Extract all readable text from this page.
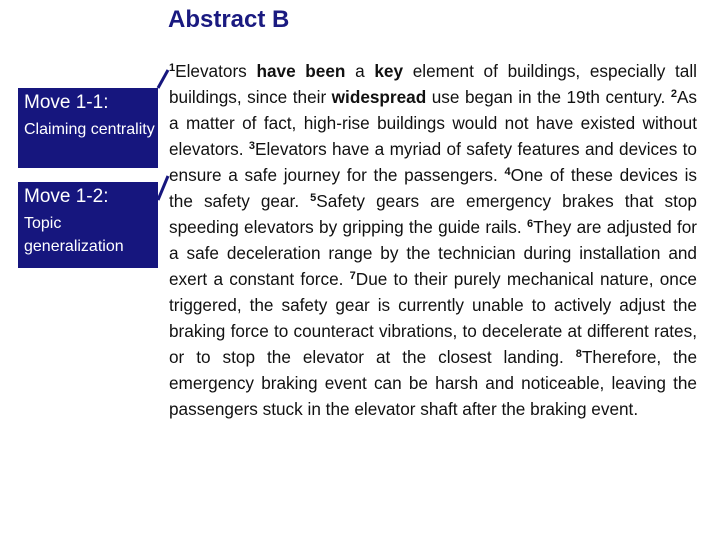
Abstract B
Move 1-1:
Claiming centrality
Move 1-2:
Topic generalization
$^1$Elevators have been a key element of buildings, especially tall buildings, since their widespread use began in the 19th century. $^2$As a matter of fact, high-rise buildings would not have existed without elevators. $^3$Elevators have a myriad of safety features and devices to ensure a safe journey for the passengers. $^4$One of these devices is the safety gear. $^5$Safety gears are emergency brakes that stop speeding elevators by gripping the guide rails. $^6$They are adjusted for a safe deceleration range by the technician during installation and exert a constant force. $^7$Due to their purely mechanical nature, once triggered, the safety gear is currently unable to actively adjust the braking force to counteract vibrations, to decelerate at different rates, or to stop the elevator at the closest landing. $^8$Therefore, the emergency braking event can be harsh and noticeable, leaving the passengers stuck in the elevator shaft after the braking event.
